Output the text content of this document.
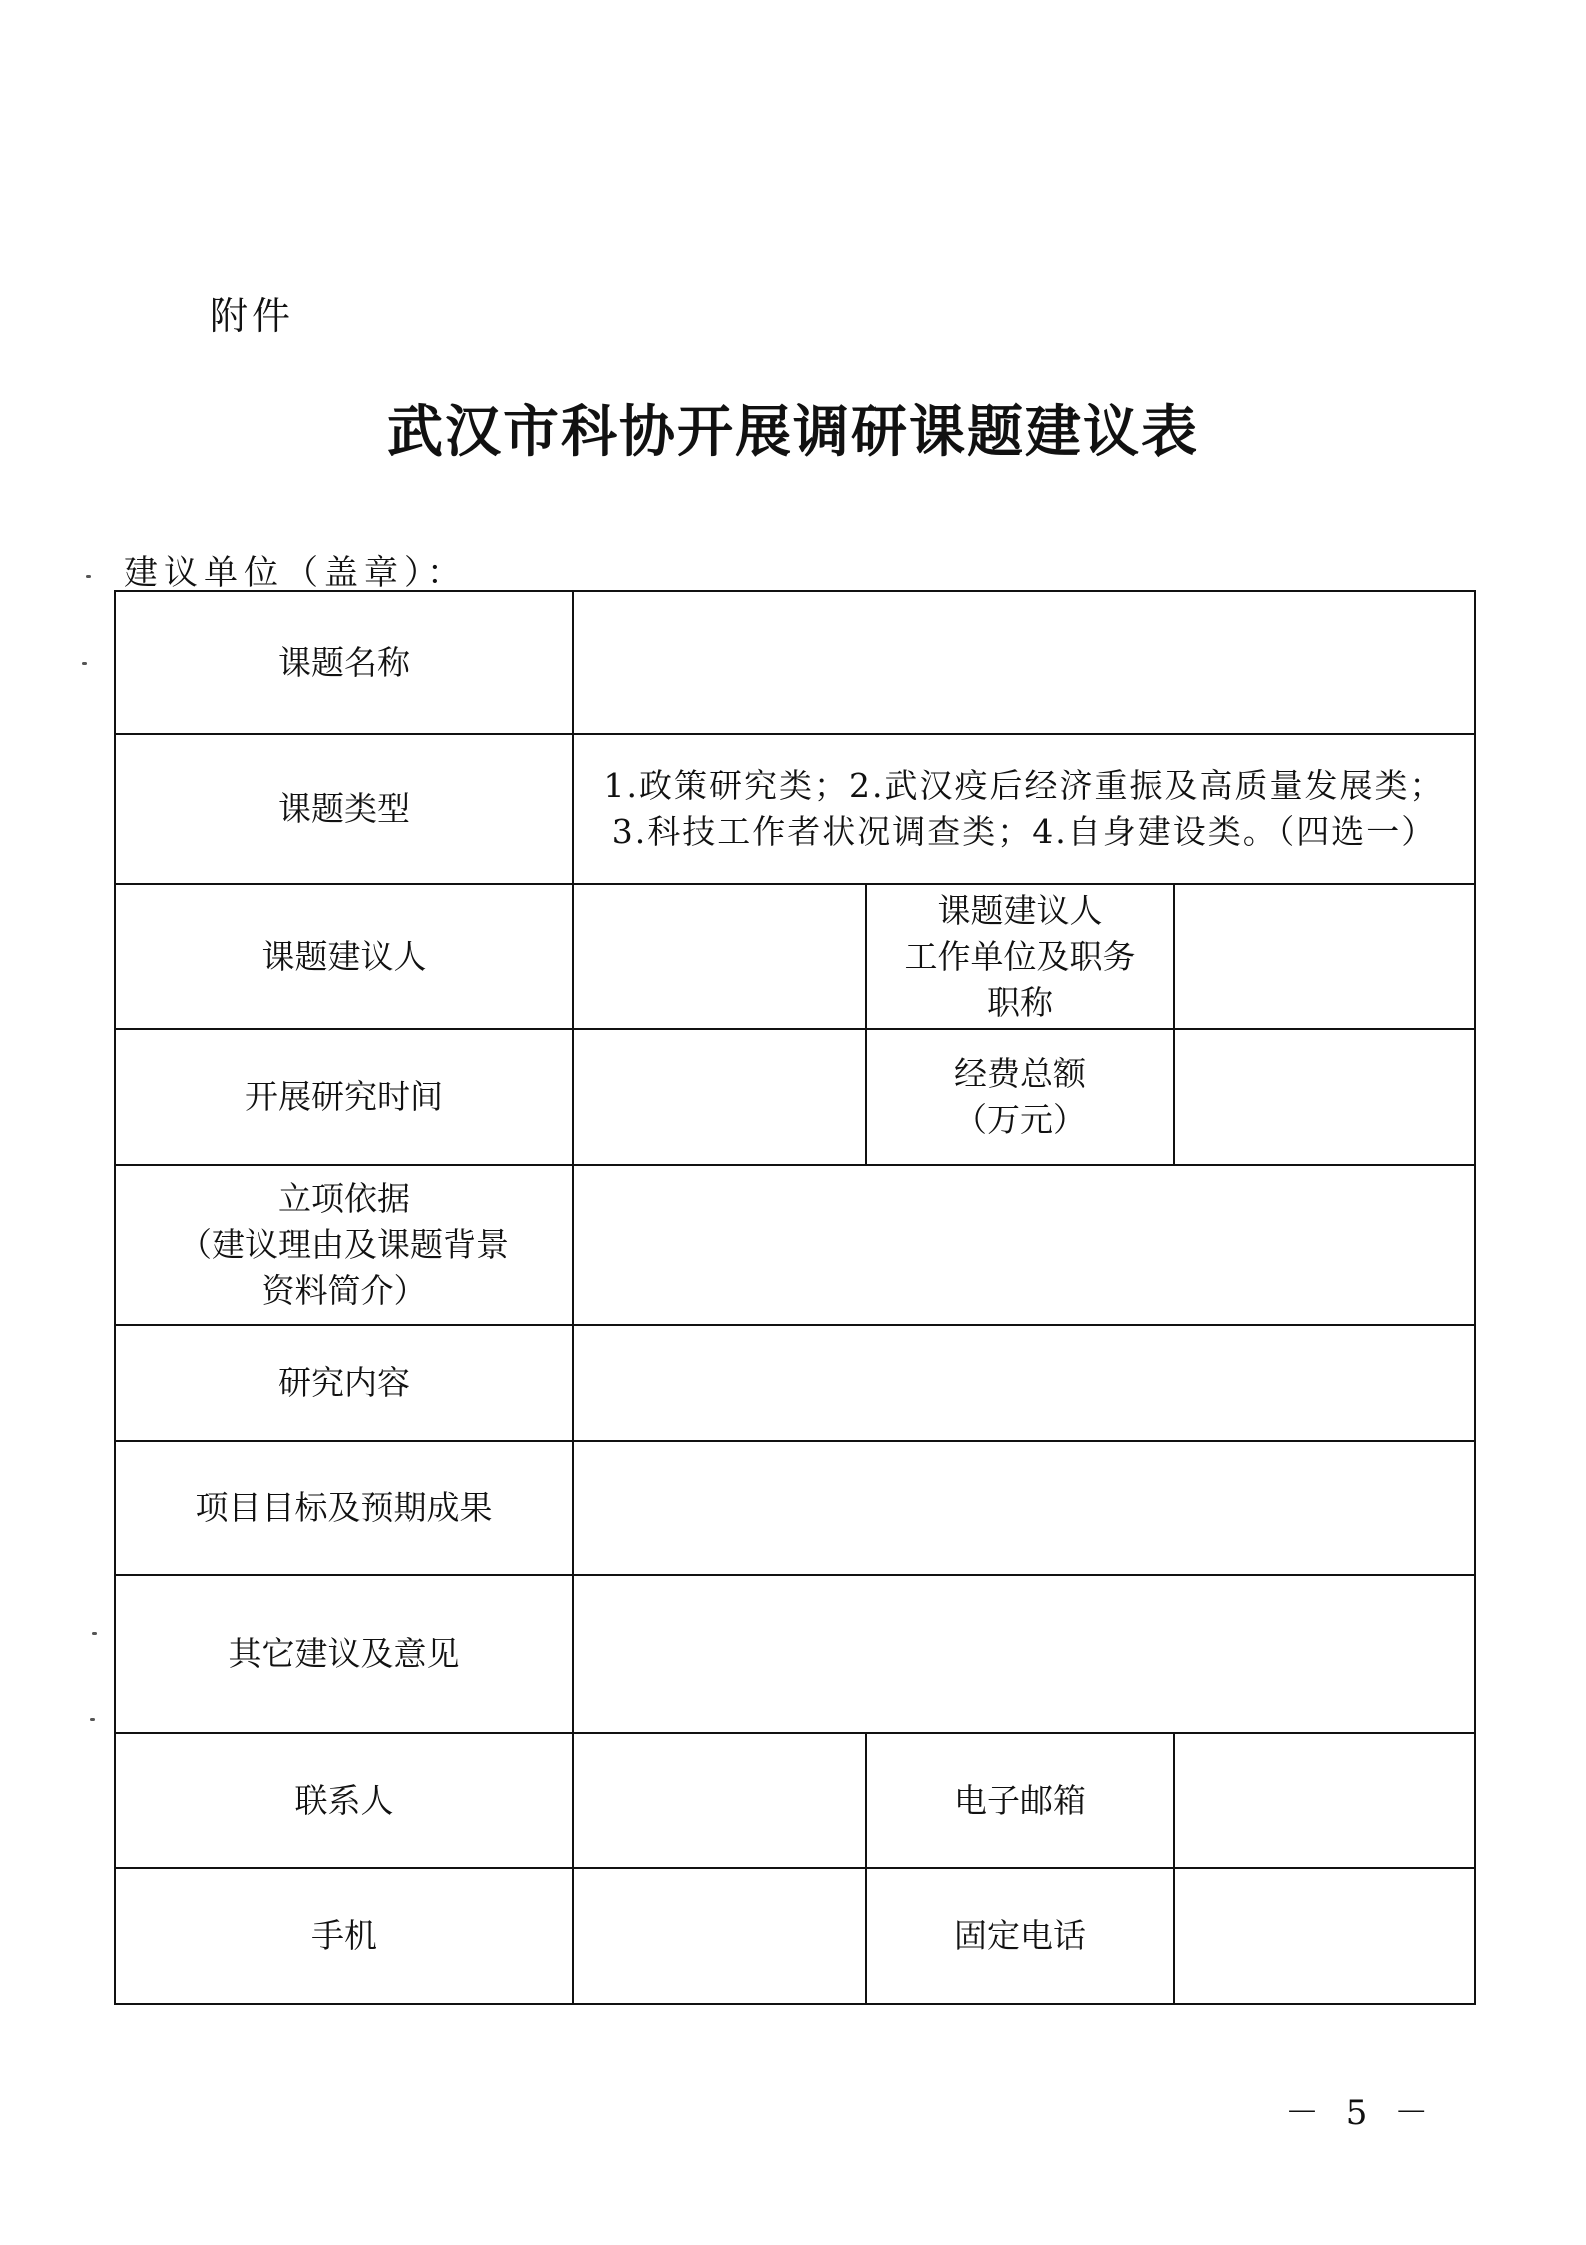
附件
武汉市科协开展调研课题建议表
建议单位（盖章）：
课题名称			
课题类型	1.政策研究类；2.武汉疫后经济重振及高质量发展类；
3.科技工作者状况调查类；4.自身建设类。（四选一）		

课题建议人		课题建议人
工作单位及职务
职称	

开展研究时间		经费总额
（万元）	

立项依据
（建议理由及课题背景
资料简介）			

研究内容			
项目目标及预期成果			
其它建议及意见			
联系人		电子邮箱	
手机		固定电话	
－ 5 －
